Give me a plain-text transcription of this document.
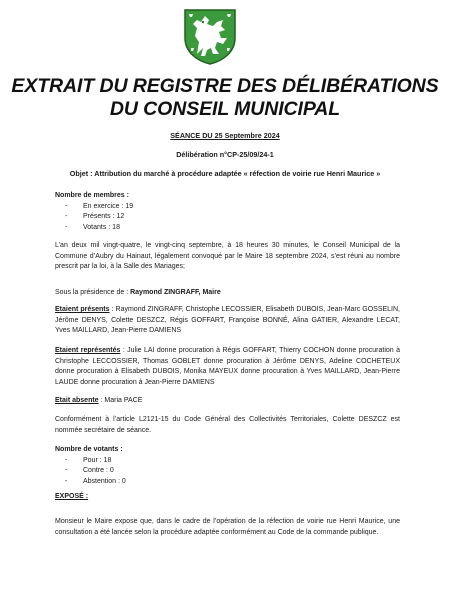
EXTRAIT DU REGISTRE DES DÉLIBÉRATIONS
DU CONSEIL MUNICIPAL
SÉANCE DU 25 Septembre 2024
Délibération n°CP-25/09/24-1
Objet : Attribution du marché à procédure adaptée « réfection de voirie rue Henri Maurice »
Nombre de membres :
- En exercice : 19
- Présents : 12
- Votants : 18
L’an deux mil vingt-quatre, le vingt-cinq septembre, à 18 heures 30 minutes, le Conseil Municipal de la Commune d’Aubry du Hainaut, légalement convoqué par le Maire 18 septembre 2024, s’est réuni au nombre prescrit par la loi, à la Salle des Mariages;
Sous la présidence de : Raymond ZINGRAFF, Maire
Etaient présents : Raymond ZINGRAFF, Christophe LECOSSIER, Elisabeth DUBOIS, Jean-Marc GOSSELIN, Jérôme DENYS, Colette DESZCZ, Régis GOFFART, Françoise BONNÉ, Alina GATIER, Alexandre LECAT, Yves MAILLARD, Jean-Pierre DAMIENS
Etaient représentés : Julie LAI donne procuration à Régis GOFFART, Thierry COCHON donne procuration à Christophe LECCOSSIER, Thomas GOBLET donne procuration à Jérôme DENYS, Adeline COCHETEUX donne procuration à Elisabeth DUBOIS, Monika MAYEUX donne procuration à Yves MAILLARD, Jean-Pierre LAUDE donne procuration à Jean-Pierre DAMIENS
Etait absente : Maria PACE
Conformément à l’article L2121-15 du Code Général des Collectivités Territoriales, Colette DESZCZ est nommée secrétaire de séance.
Nombre de votants :
- Pour : 18
- Contre : 0
- Abstention : 0
EXPOSÉ :
Monsieur le Maire expose que, dans le cadre de l’opération de la réfection de voirie rue Henri Maurice, une consultation a été lancée selon la procédure adaptée conformément au Code de la commande publique.
